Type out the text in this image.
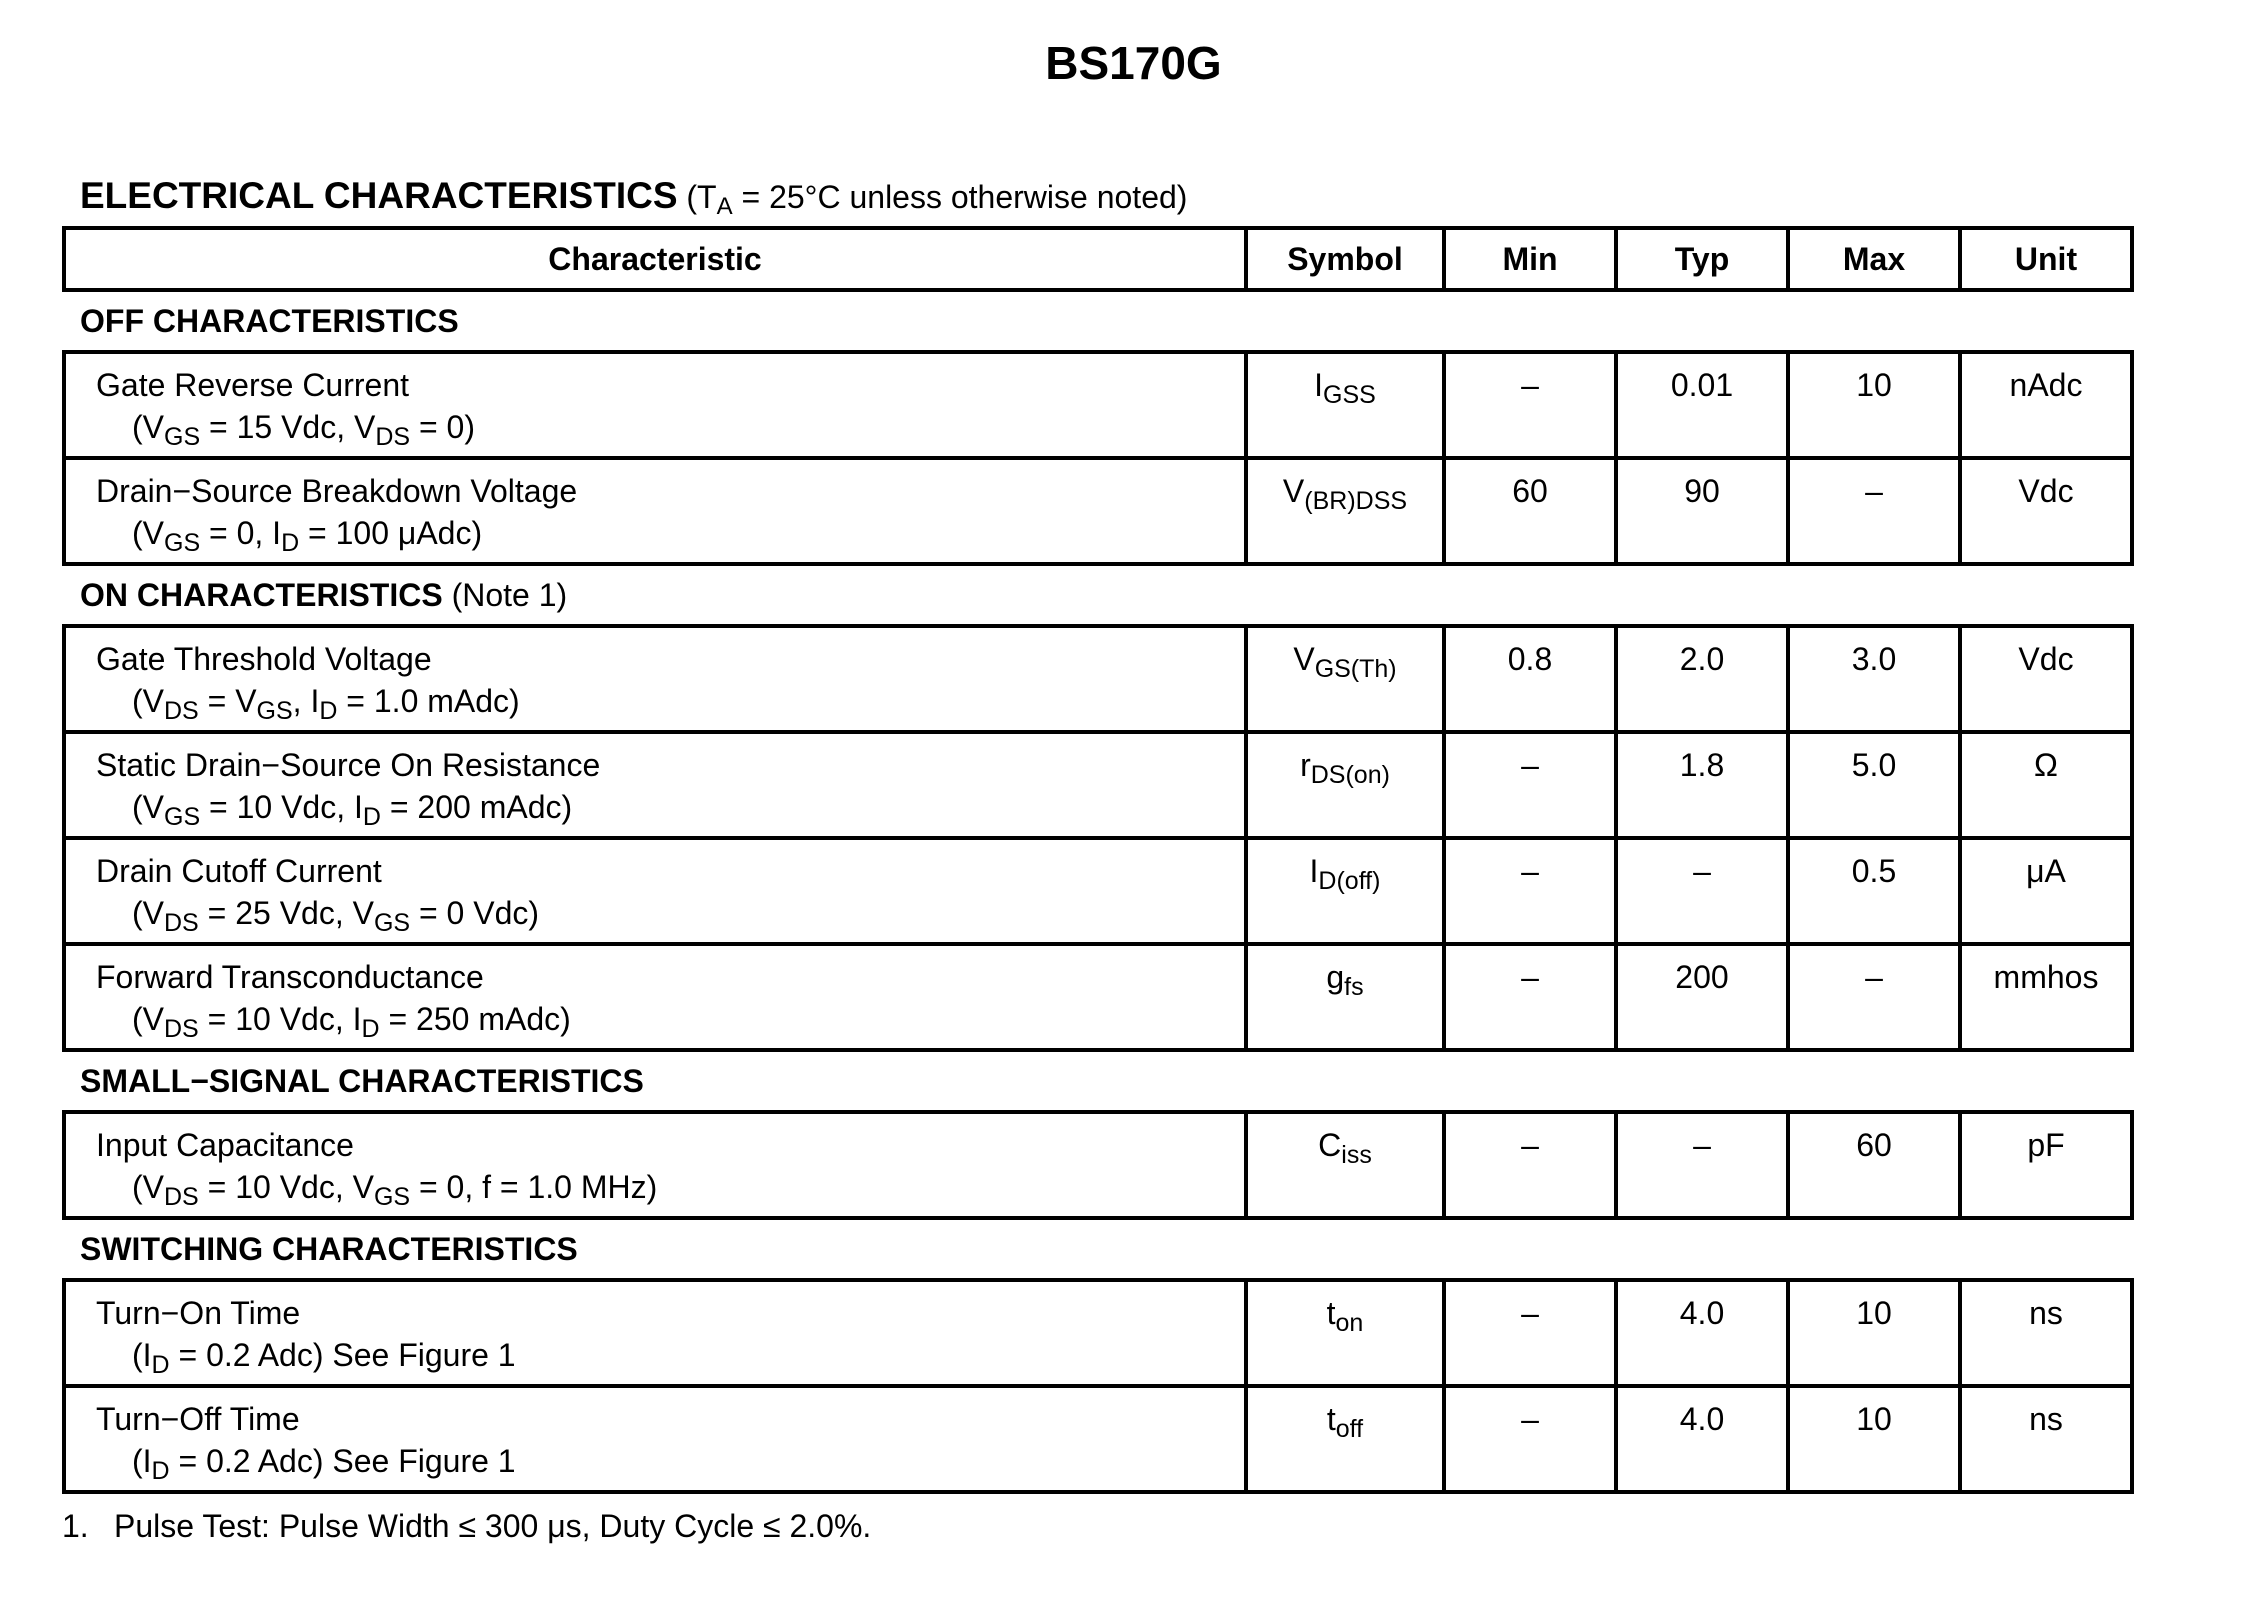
BS170G
ELECTRICAL CHARACTERISTICS ($T_A = 25^\circ C$ unless otherwise noted)
Characteristic	Symbol	Min	Typ	Max	Unit
OFF CHARACTERISTICS					
Gate Reverse Current
($V_{GS} = 15$ Vdc, $V_{DS} = 0$)	$I_{GSS}$	–	0.01	10	nAdc
Drain−Source Breakdown Voltage
($V_{GS} = 0$, $I_D = 100$ μAdc)	$V_{(BR)DSS}$	60	90	–	Vdc
ON CHARACTERISTICS (Note 1)					
Gate Threshold Voltage
($V_{DS} = V_{GS}$, $I_D = 1.0$ mAdc)	$V_{GS(Th)}$	0.8	2.0	3.0	Vdc
Static Drain−Source On Resistance
($V_{GS} = 10$ Vdc, $I_D = 200$ mAdc)	$r_{DS(on)}$	–	1.8	5.0	Ω
Drain Cutoff Current
($V_{DS} = 25$ Vdc, $V_{GS} = 0$ Vdc)	$I_{D(off)}$	–	–	0.5	μA
Forward Transconductance
($V_{DS} = 10$ Vdc, $I_D = 250$ mAdc)	$g_{fs}$	–	200	–	mmhos
SMALL−SIGNAL CHARACTERISTICS					
Input Capacitance
($V_{DS} = 10$ Vdc, $V_{GS} = 0$, f = 1.0 MHz)	$C_{iss}$	–	–	60	pF
SWITCHING CHARACTERISTICS					
Turn−On Time
($I_D = 0.2$ Adc) See Figure 1	$t_{on}$	–	4.0	10	ns
Turn−Off Time
($I_D = 0.2$ Adc) See Figure 1	$t_{off}$	–	4.0	10	ns
1. Pulse Test: Pulse Width ≤ 300 μs, Duty Cycle ≤ 2.0%.
